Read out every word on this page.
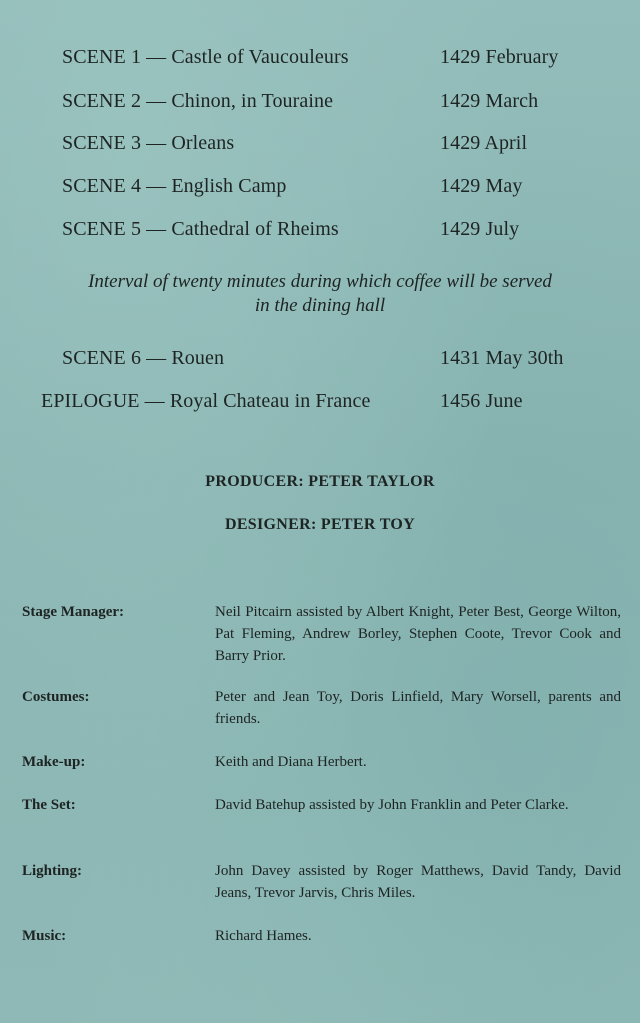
SCENE 1 — Castle of Vaucouleurs	1429 February
SCENE 2 — Chinon, in Touraine	1429 March
SCENE 3 — Orleans	1429 April
SCENE 4 — English Camp	1429 May
SCENE 5 — Cathedral of Rheims	1429 July
Interval of twenty minutes during which coffee will be served
in the dining hall
SCENE 6 — Rouen	1431 May 30th
EPILOGUE — Royal Chateau in France	1456 June
PRODUCER: PETER TAYLOR
DESIGNER: PETER TOY
Stage Manager:	Neil Pitcairn assisted by Albert Knight, Peter Best, George Wilton, Pat Fleming, Andrew Borley, Stephen Coote, Trevor Cook and Barry Prior.
Costumes:	Peter and Jean Toy, Doris Linfield, Mary Worsell, parents and friends.
Make-up:	Keith and Diana Herbert.
The Set:	David Batehup assisted by John Franklin and Peter Clarke.
Lighting:	John Davey assisted by Roger Matthews, David Tandy, David Jeans, Trevor Jarvis, Chris Miles.
Music:	Richard Hames.
